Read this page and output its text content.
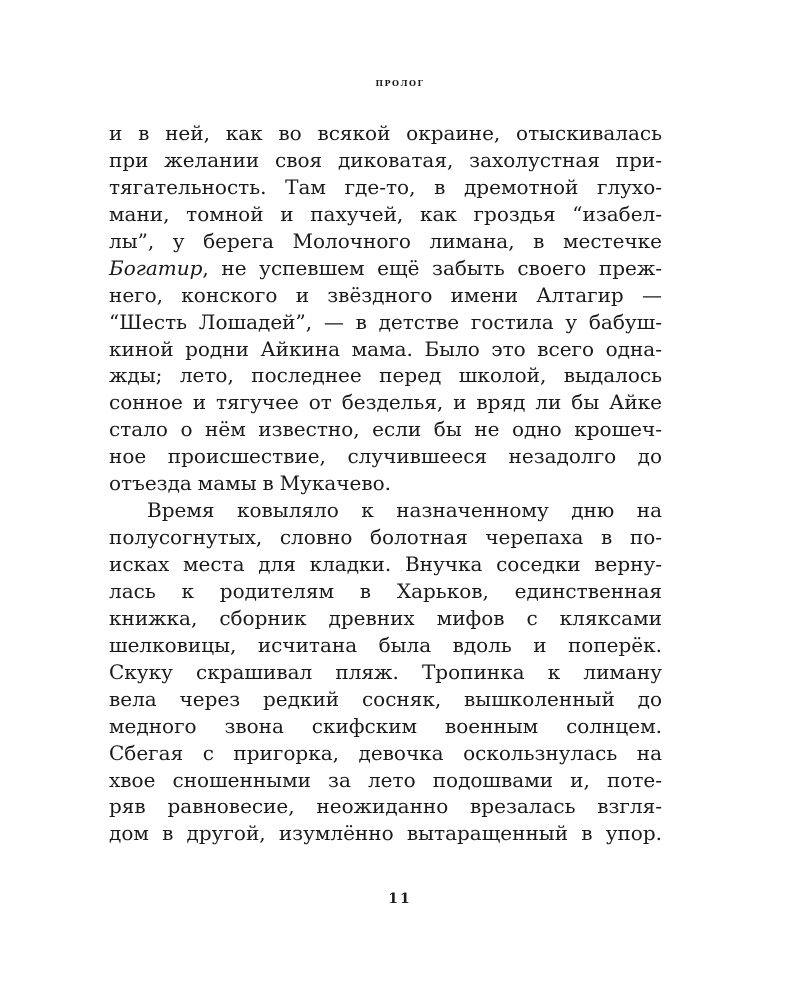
пролог
и в ней, как во всякой окраине, отыскивалась
при желании своя диковатая, захолустная при-
тягательность. Там где-то, в дремотной глухо-
мани, томной и пахучей, как гроздья “изабел-
лы”, у берега Молочного лимана, в местечке
Богатир, не успевшем ещё забыть своего преж-
него, конского и звёздного имени Алтагир —
“Шесть Лошадей”, — в детстве гостила у бабуш-
киной родни Айкина мама. Было это всего одна-
жды; лето, последнее перед школой, выдалось
сонное и тягучее от безделья, и вряд ли бы Айке
стало о нём известно, если бы не одно крошеч-
ное происшествие, случившееся незадолго до
отъезда мамы в Мукачево.
Время ковыляло к назначенному дню на
полусогнутых, словно болотная черепаха в по-
исках места для кладки. Внучка соседки верну-
лась к родителям в Харьков, единственная
книжка, сборник древних мифов с кляксами
шелковицы, исчитана была вдоль и поперёк.
Скуку скрашивал пляж. Тропинка к лиману
вела через редкий сосняк, вышколенный до
медного звона скифским военным солнцем.
Сбегая с пригорка, девочка оскользнулась на
хвое сношенными за лето подошвами и, потe-
ряв равновесие, неожиданно врезалась взгля-
дом в другой, изумлённо вытаращенный в упор.
11
